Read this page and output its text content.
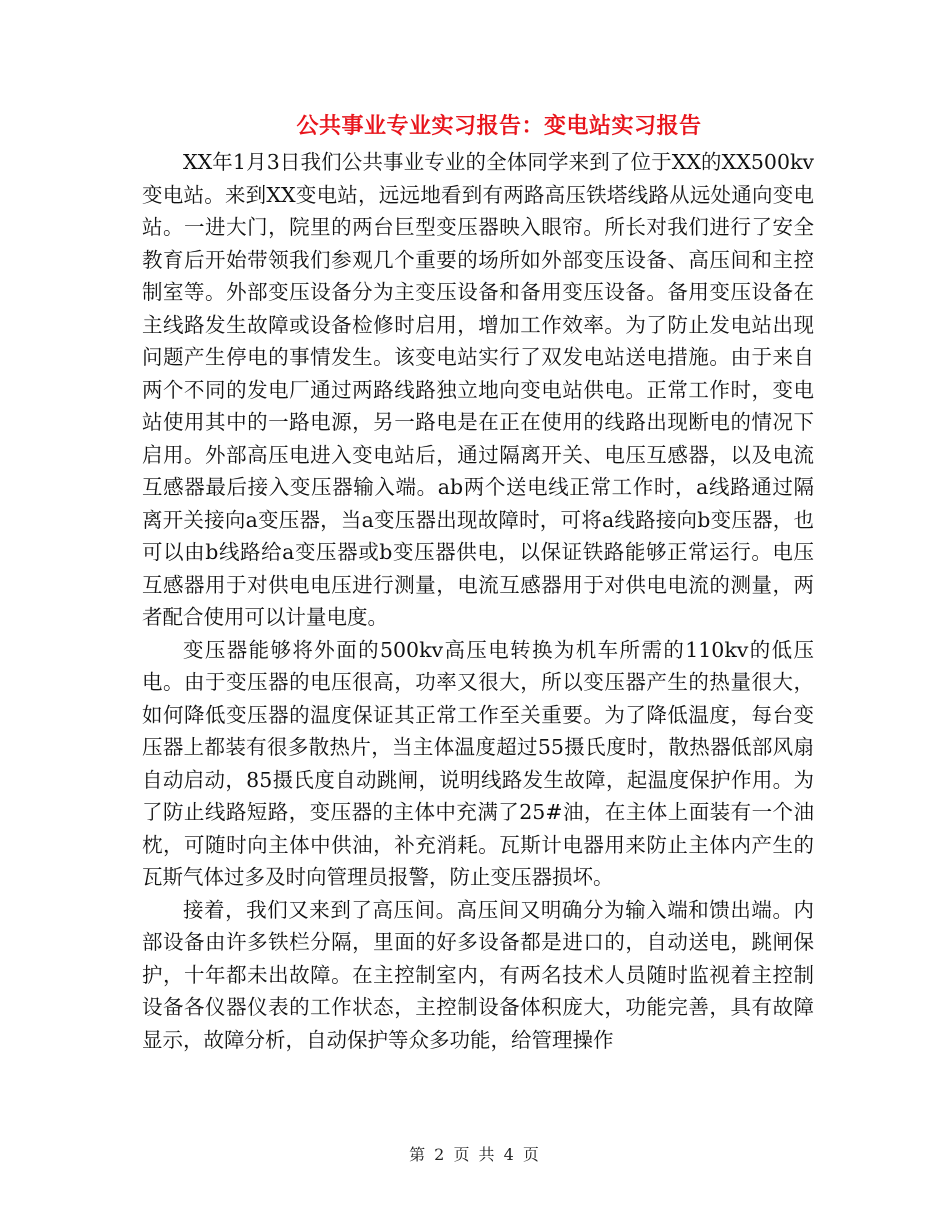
公共事业专业实习报告：变电站实习报告

XX年1月3日我们公共事业专业的全体同学来到了位于XX的XX500kv变电站。来到XX变电站，远远地看到有两路高压铁塔线路从远处通向变电站。一进大门，院里的两台巨型变压器映入眼帘。所长对我们进行了安全教育后开始带领我们参观几个重要的场所如外部变压设备、高压间和主控制室等。外部变压设备分为主变压设备和备用变压设备。备用变压设备在主线路发生故障或设备检修时启用，增加工作效率。为了防止发电站出现问题产生停电的事情发生。该变电站实行了双发电站送电措施。由于来自两个不同的发电厂通过两路线路独立地向变电站供电。正常工作时，变电站使用其中的一路电源，另一路电是在正在使用的线路出现断电的情况下启用。外部高压电进入变电站后，通过隔离开关、电压互感器，以及电流互感器最后接入变压器输入端。ab两个送电线正常工作时，a线路通过隔离开关接向a变压器，当a变压器出现故障时，可将a线路接向b变压器，也可以由b线路给a变压器或b变压器供电，以保证铁路能够正常运行。电压互感器用于对供电电压进行测量，电流互感器用于对供电电流的测量，两者配合使用可以计量电度。

变压器能够将外面的500kv高压电转换为机车所需的110kv的低压电。由于变压器的电压很高，功率又很大，所以变压器产生的热量很大，如何降低变压器的温度保证其正常工作至关重要。为了降低温度，每台变压器上都装有很多散热片，当主体温度超过55摄氏度时，散热器低部风扇自动启动，85摄氏度自动跳闸，说明线路发生故障，起温度保护作用。为了防止线路短路，变压器的主体中充满了25#油，在主体上面装有一个油枕，可随时向主体中供油，补充消耗。瓦斯计电器用来防止主体内产生的瓦斯气体过多及时向管理员报警，防止变压器损坏。

接着，我们又来到了高压间。高压间又明确分为输入端和馈出端。内部设备由许多铁栏分隔，里面的好多设备都是进口的，自动送电，跳闸保护，十年都未出故障。在主控制室内，有两名技术人员随时监视着主控制设备各仪器仪表的工作状态，主控制设备体积庞大，功能完善，具有故障显示，故障分析，自动保护等众多功能，给管理操作

第 2 页 共 4 页
